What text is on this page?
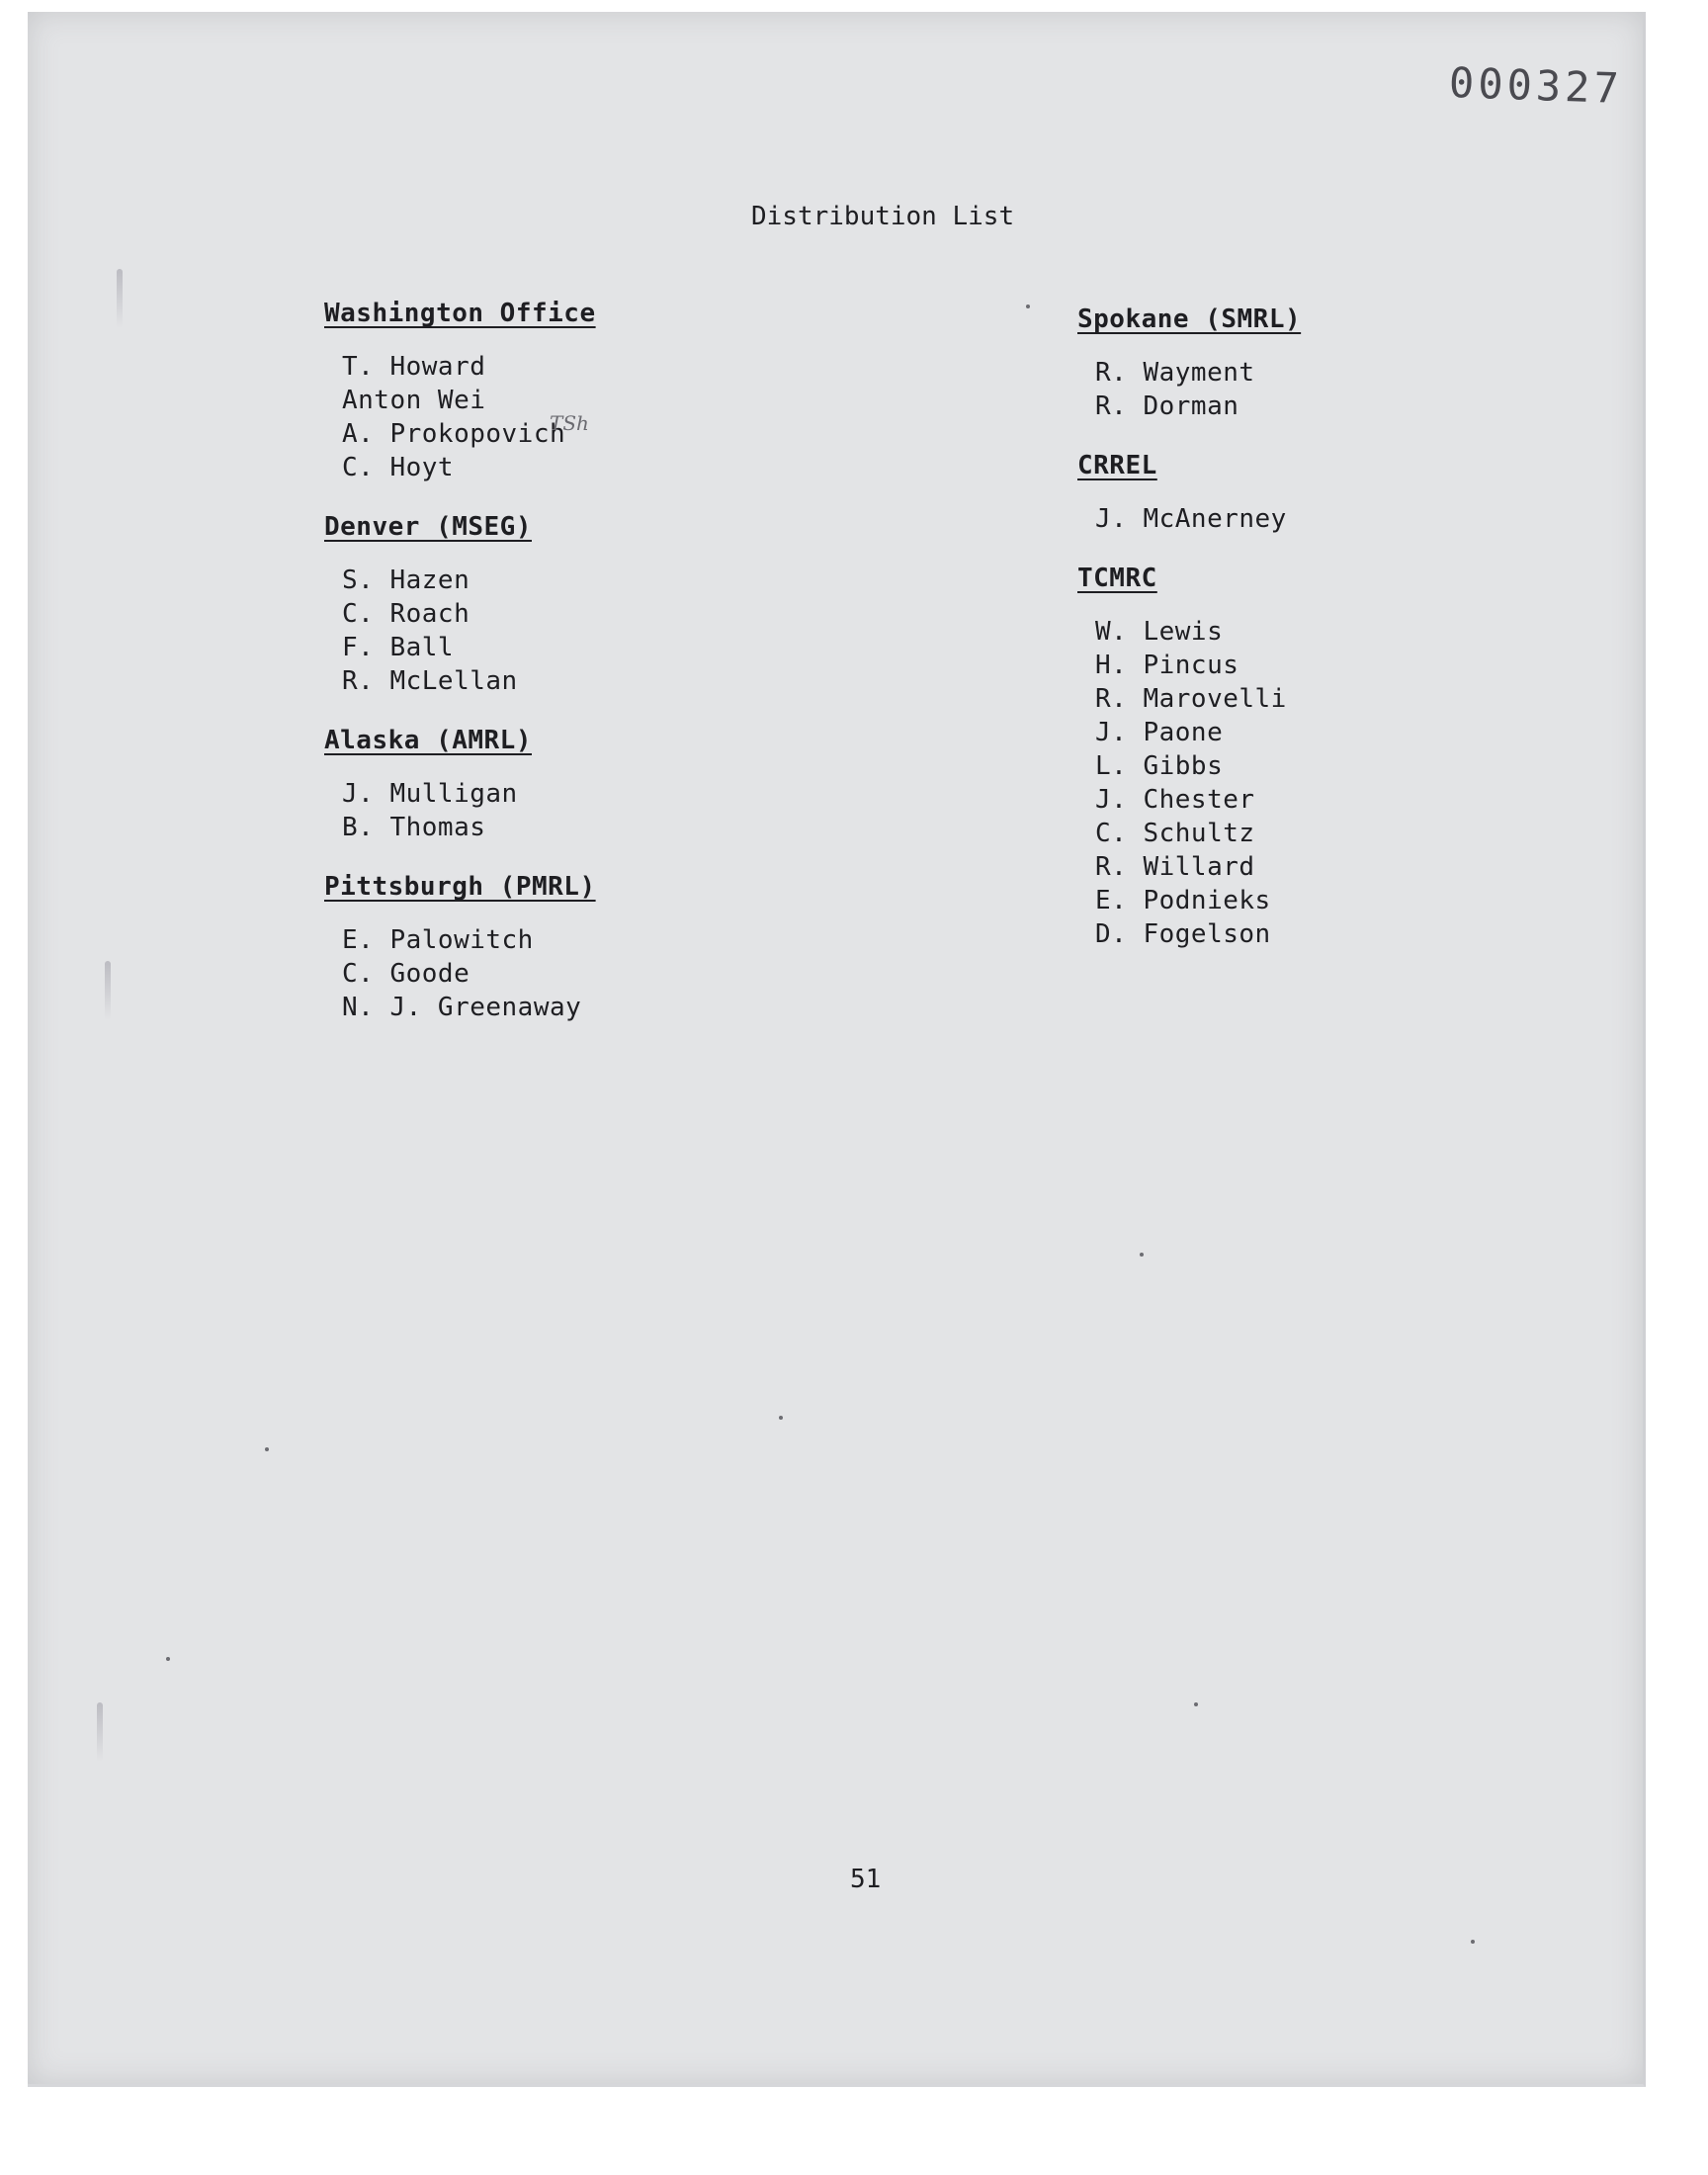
000327
Distribution List
Washington Office
T. Howard
Anton Wei
A. Prokopovich
C. Hoyt
Denver (MSEG)
S. Hazen
C. Roach
F. Ball
R. McLellan
Alaska (AMRL)
J. Mulligan
B. Thomas
Pittsburgh (PMRL)
E. Palowitch
C. Goode
N. J. Greenaway
TSh
Spokane (SMRL)
R. Wayment
R. Dorman
CRREL
J. McAnerney
TCMRC
W. Lewis
H. Pincus
R. Marovelli
J. Paone
L. Gibbs
J. Chester
C. Schultz
R. Willard
E. Podnieks
D. Fogelson
51
